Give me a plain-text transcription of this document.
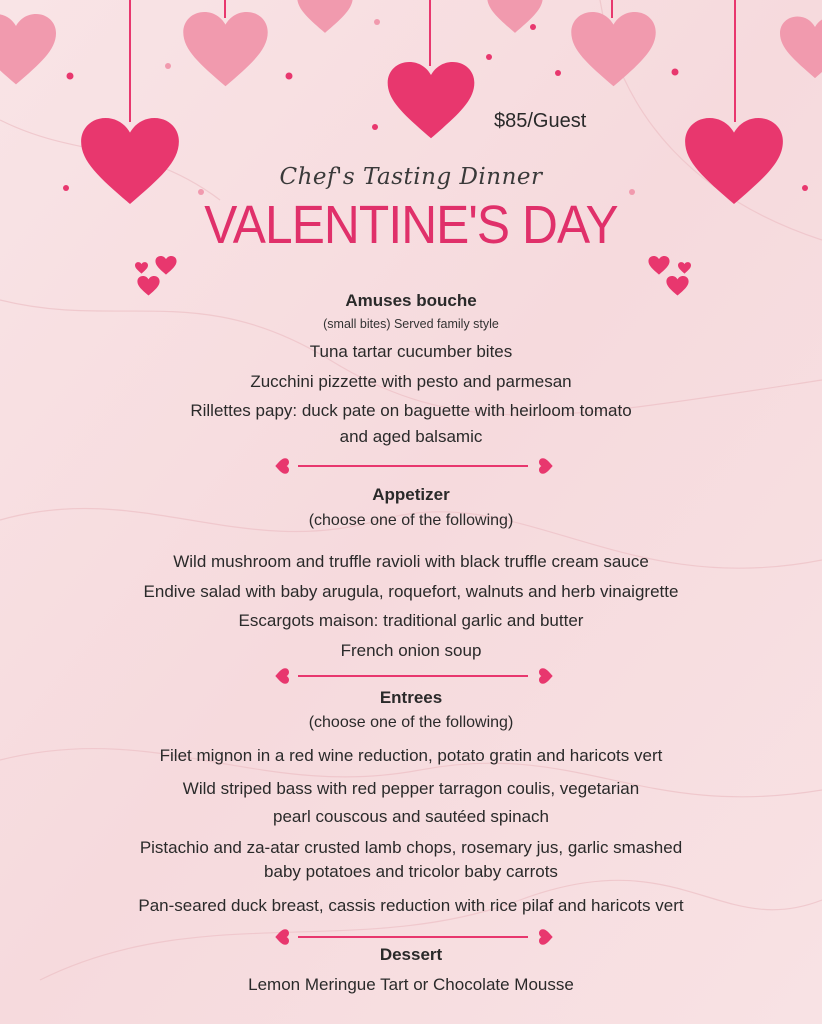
$85/Guest
Chef's Tasting Dinner
VALENTINE'S DAY
Amuses bouche
(small bites) Served family style
Tuna tartar cucumber bites
Zucchini pizzette with pesto and parmesan
Rillettes papy: duck pate on baguette with heirloom tomato
and aged balsamic
Appetizer
(choose one of the following)
Wild mushroom and truffle ravioli with black truffle cream sauce
Endive salad with baby arugula, roquefort, walnuts and herb vinaigrette
Escargots maison: traditional garlic and butter
French onion soup
Entrees
(choose one of the following)
Filet mignon in a red wine reduction, potato gratin and haricots vert
Wild striped bass with red pepper tarragon coulis, vegetarian
pearl couscous and sautéed spinach
Pistachio and za-atar crusted lamb chops, rosemary jus, garlic smashed
baby potatoes and tricolor baby carrots
Pan-seared duck breast, cassis reduction with rice pilaf and haricots vert
Dessert
Lemon Meringue Tart or Chocolate Mousse
